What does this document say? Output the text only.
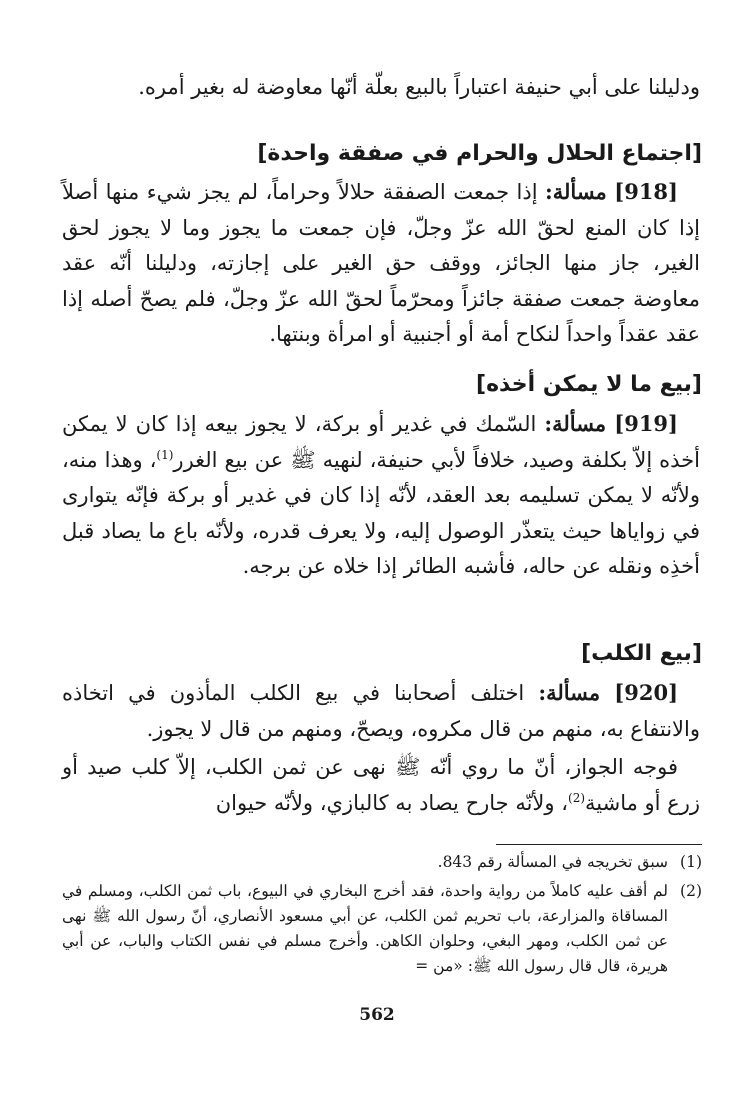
ودليلنا على أبي حنيفة اعتباراً بالبيع بعلّة أنّها معاوضة له بغير أمره.

[اجتماع الحلال والحرام في صفقة واحدة]

[918] مسألة: إذا جمعت الصفقة حلالاً وحراماً، لم يجز شيء منها أصلاً إذا كان المنع لحقّ الله عزّ وجلّ، فإن جمعت ما يجوز وما لا يجوز لحق الغير، جاز منها الجائز، ووقف حق الغير على إجازته، ودليلنا أنّه عقد معاوضة جمعت صفقة جائزاً ومحرّماً لحقّ الله عزّ وجلّ، فلم يصحّ أصله إذا عقد عقداً واحداً لنكاح أمة أو أجنبية أو امرأة وبنتها.

[بيع ما لا يمكن أخذه]

[919] مسألة: السّمك في غدير أو بركة، لا يجوز بيعه إذا كان لا يمكن أخذه إلاّ بكلفة وصيد، خلافاً لأبي حنيفة، لنهيه ﷺ عن بيع الغرر$^{(1)}$، وهذا منه، ولأنّه لا يمكن تسليمه بعد العقد، لأنّه إذا كان في غدير أو بركة فإنّه يتوارى في زواياها حيث يتعذّر الوصول إليه، ولا يعرف قدره، ولأنّه باع ما يصاد قبل أخذِه ونقله عن حاله، فأشبه الطائر إذا خلاه عن برجه.

[بيع الكلب]

[920] مسألة: اختلف أصحابنا في بيع الكلب المأذون في اتخاذه والانتفاع به، منهم من قال مكروه، ويصحّ، ومنهم من قال لا يجوز.

فوجه الجواز، أنّ ما روي أنّه ﷺ نهى عن ثمن الكلب، إلاّ كلب صيد أو زرع أو ماشية$^{(2)}$، ولأنّه جارح يصاد به كالبازي، ولأنّه حيوان

(1)
سبق تخريجه في المسألة رقم 843.
(2)
لم أقف عليه كاملاً من رواية واحدة، فقد أخرج البخاري في البيوع، باب ثمن الكلب، ومسلم في المساقاة والمزارعة، باب تحريم ثمن الكلب، عن أبي مسعود الأنصاري، أنّ رسول الله ﷺ نهى عن ثمن الكلب، ومهر البغي، وحلوان الكاهن. وأخرج مسلم في نفس الكتاب والباب، عن أبي هريرة، قال قال رسول الله ﷺ: «من =
562
